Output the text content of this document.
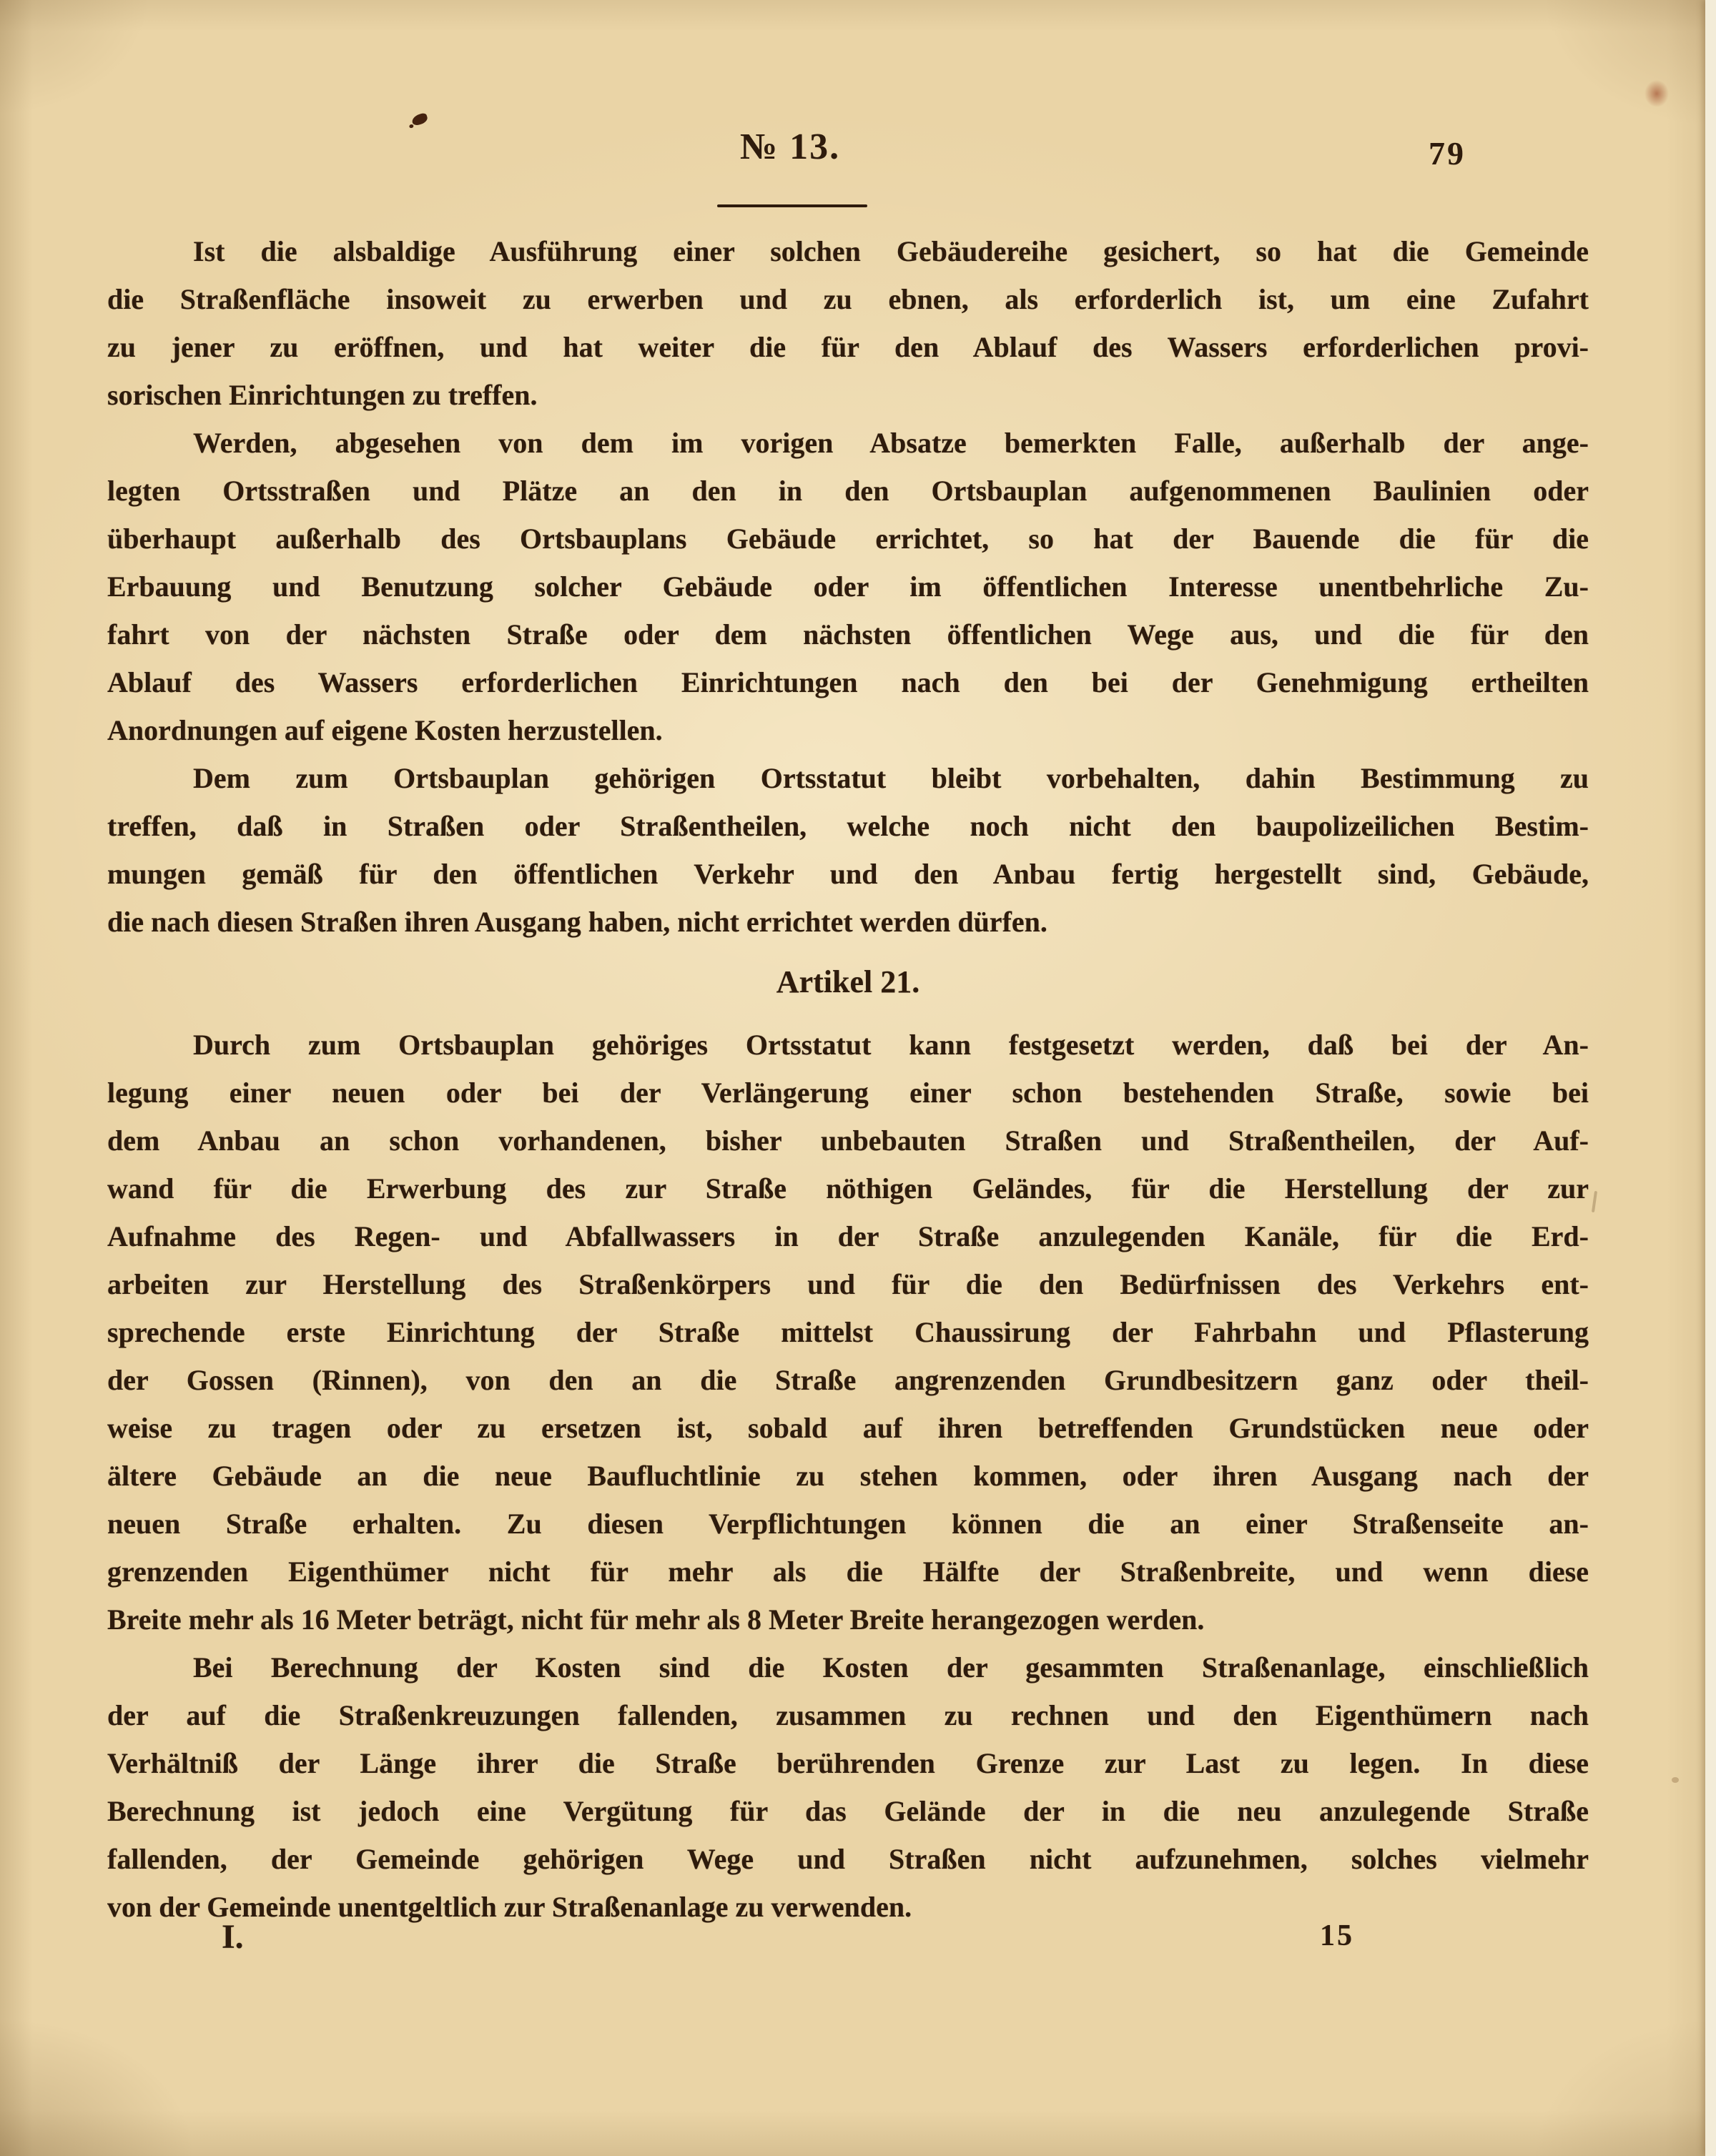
№ 13.	79
Ist die alsbaldige Ausführung einer solchen Gebäudereihe gesichert, so hat die Gemeinde
die Straßenfläche insoweit zu erwerben und zu ebnen, als erforderlich ist, um eine Zufahrt
zu jener zu eröffnen, und hat weiter die für den Ablauf des Wassers erforderlichen provi-
sorischen Einrichtungen zu treffen.
Werden, abgesehen von dem im vorigen Absatze bemerkten Falle, außerhalb der ange-
legten Ortsstraßen und Plätze an den in den Ortsbauplan aufgenommenen Baulinien oder
überhaupt außerhalb des Ortsbauplans Gebäude errichtet, so hat der Bauende die für die
Erbauung und Benutzung solcher Gebäude oder im öffentlichen Interesse unentbehrliche Zu-
fahrt von der nächsten Straße oder dem nächsten öffentlichen Wege aus, und die für den
Ablauf des Wassers erforderlichen Einrichtungen nach den bei der Genehmigung ertheilten
Anordnungen auf eigene Kosten herzustellen.
Dem zum Ortsbauplan gehörigen Ortsstatut bleibt vorbehalten, dahin Bestimmung zu
treffen, daß in Straßen oder Straßentheilen, welche noch nicht den baupolizeilichen Bestim-
mungen gemäß für den öffentlichen Verkehr und den Anbau fertig hergestellt sind, Gebäude,
die nach diesen Straßen ihren Ausgang haben, nicht errichtet werden dürfen.
Artikel 21.
Durch zum Ortsbauplan gehöriges Ortsstatut kann festgesetzt werden, daß bei der An-
legung einer neuen oder bei der Verlängerung einer schon bestehenden Straße, sowie bei
dem Anbau an schon vorhandenen, bisher unbebauten Straßen und Straßentheilen, der Auf-
wand für die Erwerbung des zur Straße nöthigen Geländes, für die Herstellung der zur
Aufnahme des Regen- und Abfallwassers in der Straße anzulegenden Kanäle, für die Erd-
arbeiten zur Herstellung des Straßenkörpers und für die den Bedürfnissen des Verkehrs ent-
sprechende erste Einrichtung der Straße mittelst Chaussirung der Fahrbahn und Pflasterung
der Gossen (Rinnen), von den an die Straße angrenzenden Grundbesitzern ganz oder theil-
weise zu tragen oder zu ersetzen ist, sobald auf ihren betreffenden Grundstücken neue oder
ältere Gebäude an die neue Baufluchtlinie zu stehen kommen, oder ihren Ausgang nach der
neuen Straße erhalten. Zu diesen Verpflichtungen können die an einer Straßenseite an-
grenzenden Eigenthümer nicht für mehr als die Hälfte der Straßenbreite, und wenn diese
Breite mehr als 16 Meter beträgt, nicht für mehr als 8 Meter Breite herangezogen werden.
Bei Berechnung der Kosten sind die Kosten der gesammten Straßenanlage, einschließlich
der auf die Straßenkreuzungen fallenden, zusammen zu rechnen und den Eigenthümern nach
Verhältniß der Länge ihrer die Straße berührenden Grenze zur Last zu legen. In diese
Berechnung ist jedoch eine Vergütung für das Gelände der in die neu anzulegende Straße
fallenden, der Gemeinde gehörigen Wege und Straßen nicht aufzunehmen, solches vielmehr
von der Gemeinde unentgeltlich zur Straßenanlage zu verwenden.
I.	15
